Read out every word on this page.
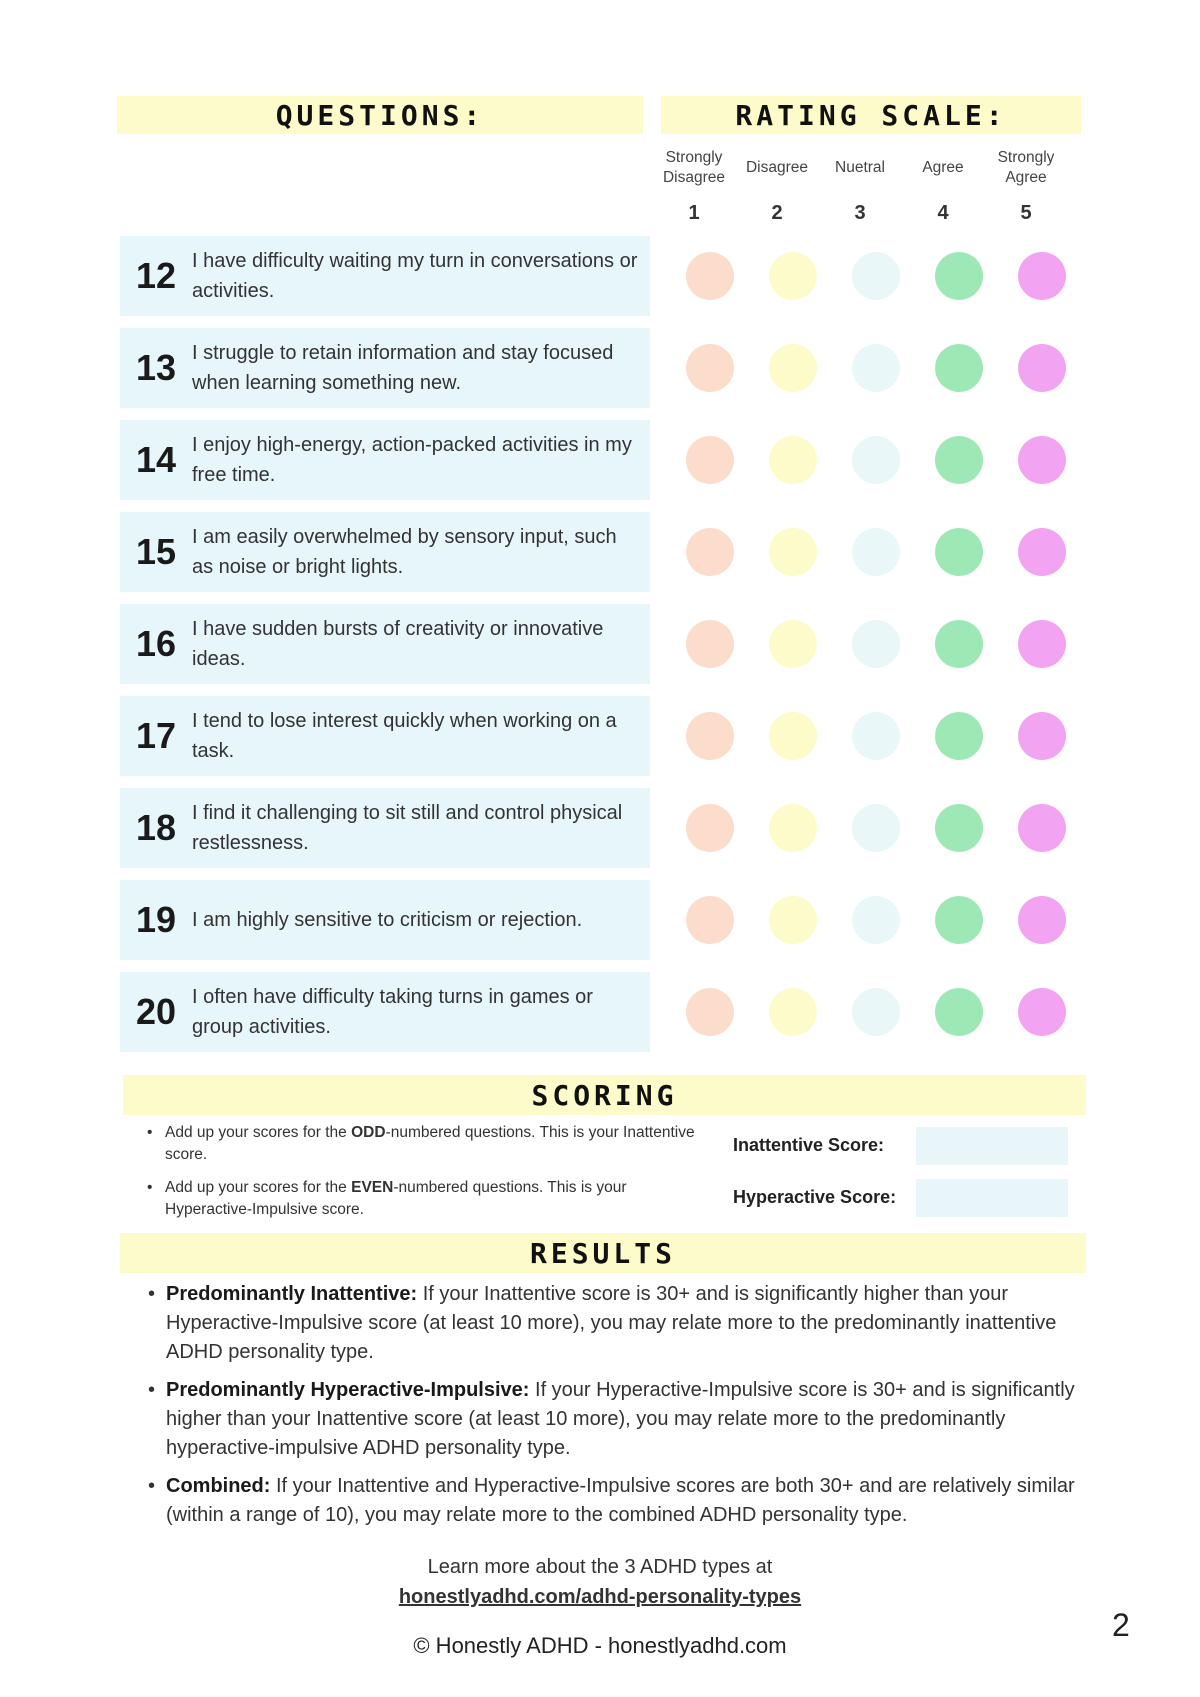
QUESTIONS:	RATING SCALE:
Strongly Disagree
1
Disagree
2
Nuetral
3
Agree
4
Strongly Agree
5
12 I have difficulty waiting my turn in conversations or activities.
13 I struggle to retain information and stay focused when learning something new.
14 I enjoy high-energy, action-packed activities in my free time.
15 I am easily overwhelmed by sensory input, such as noise or bright lights.
16 I have sudden bursts of creativity or innovative ideas.
17 I tend to lose interest quickly when working on a task.
18 I find it challenging to sit still and control physical restlessness.
19 I am highly sensitive to criticism or rejection.
20 I often have difficulty taking turns in games or group activities.
SCORING
• Add up your scores for the ODD-numbered questions. This is your Inattentive score.
• Add up your scores for the EVEN-numbered questions. This is your Hyperactive-Impulsive score.
Inattentive Score:
Hyperactive Score:
RESULTS
• Predominantly Inattentive: If your Inattentive score is 30+ and is significantly higher than your Hyperactive-Impulsive score (at least 10 more), you may relate more to the predominantly inattentive ADHD personality type.
• Predominantly Hyperactive-Impulsive: If your Hyperactive-Impulsive score is 30+ and is significantly higher than your Inattentive score (at least 10 more), you may relate more to the predominantly hyperactive-impulsive ADHD personality type.
• Combined: If your Inattentive and Hyperactive-Impulsive scores are both 30+ and are relatively similar (within a range of 10), you may relate more to the combined ADHD personality type.
Learn more about the 3 ADHD types at
honestlyadhd.com/adhd-personality-types
© Honestly ADHD - honestlyadhd.com
2
